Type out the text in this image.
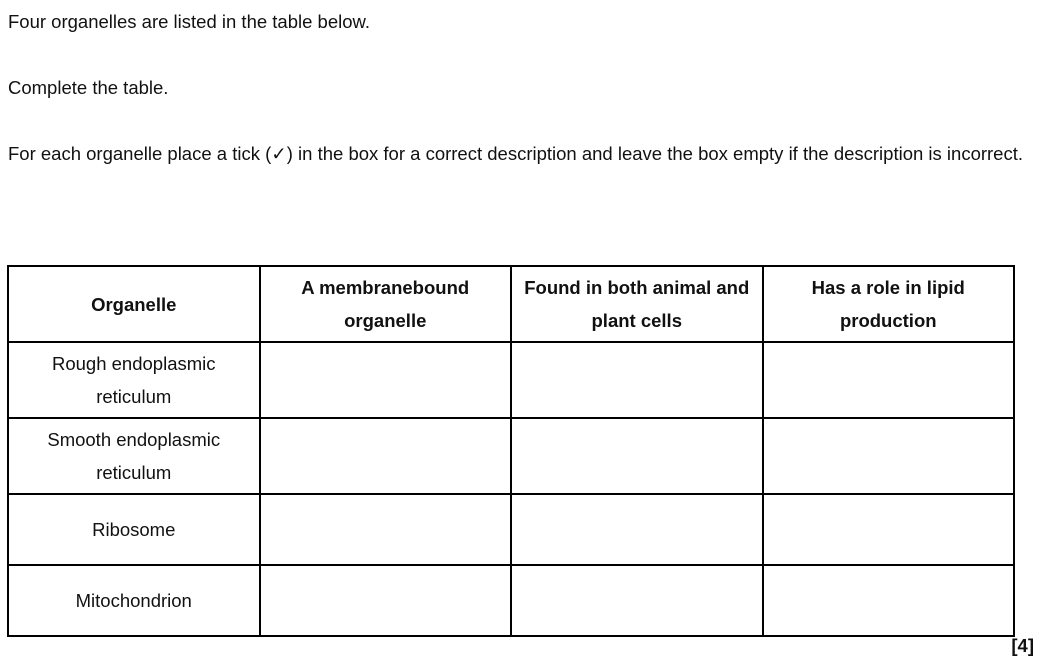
Four organelles are listed in the table below.

Complete the table.

For each organelle place a tick (✓) in the box for a correct description and leave the box empty if the description is incorrect.

Organelle	A membranebound organelle	Found in both animal and plant cells	Has a role in lipid production
Rough endoplasmic reticulum			
Smooth endoplasmic reticulum			
Ribosome			
Mitochondrion			

[4]
